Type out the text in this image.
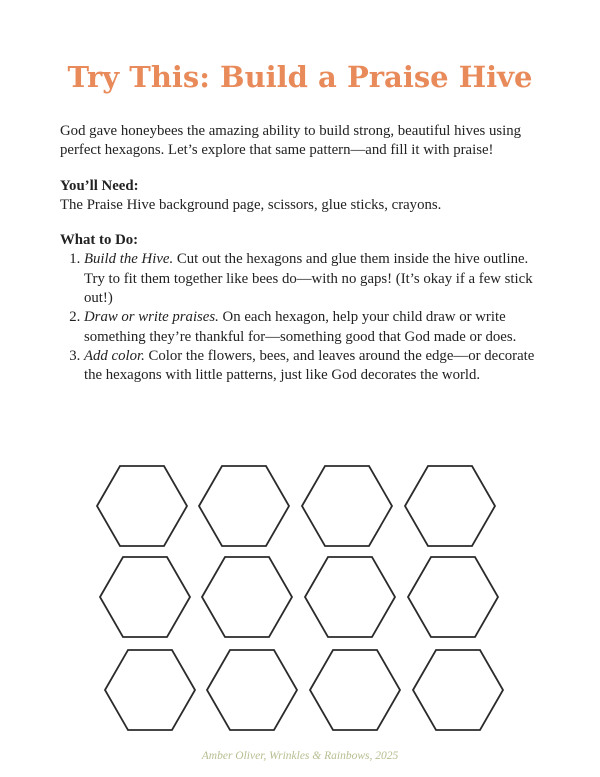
Try This: Build a Praise Hive

God gave honeybees the amazing ability to build strong, beautiful hives using perfect hexagons. Let’s explore that same pattern—and fill it with praise!

You’ll Need:

The Praise Hive background page, scissors, glue sticks, crayons.

What to Do:

1. Build the Hive. Cut out the hexagons and glue them inside the hive outline. Try to fit them together like bees do—with no gaps! (It’s okay if a few stick out!)
2. Draw or write praises. On each hexagon, help your child draw or write something they’re thankful for—something good that God made or does.
3. Add color. Color the flowers, bees, and leaves around the edge—or decorate the hexagons with little patterns, just like God decorates the world.
Amber Oliver, Wrinkles & Rainbows, 2025
